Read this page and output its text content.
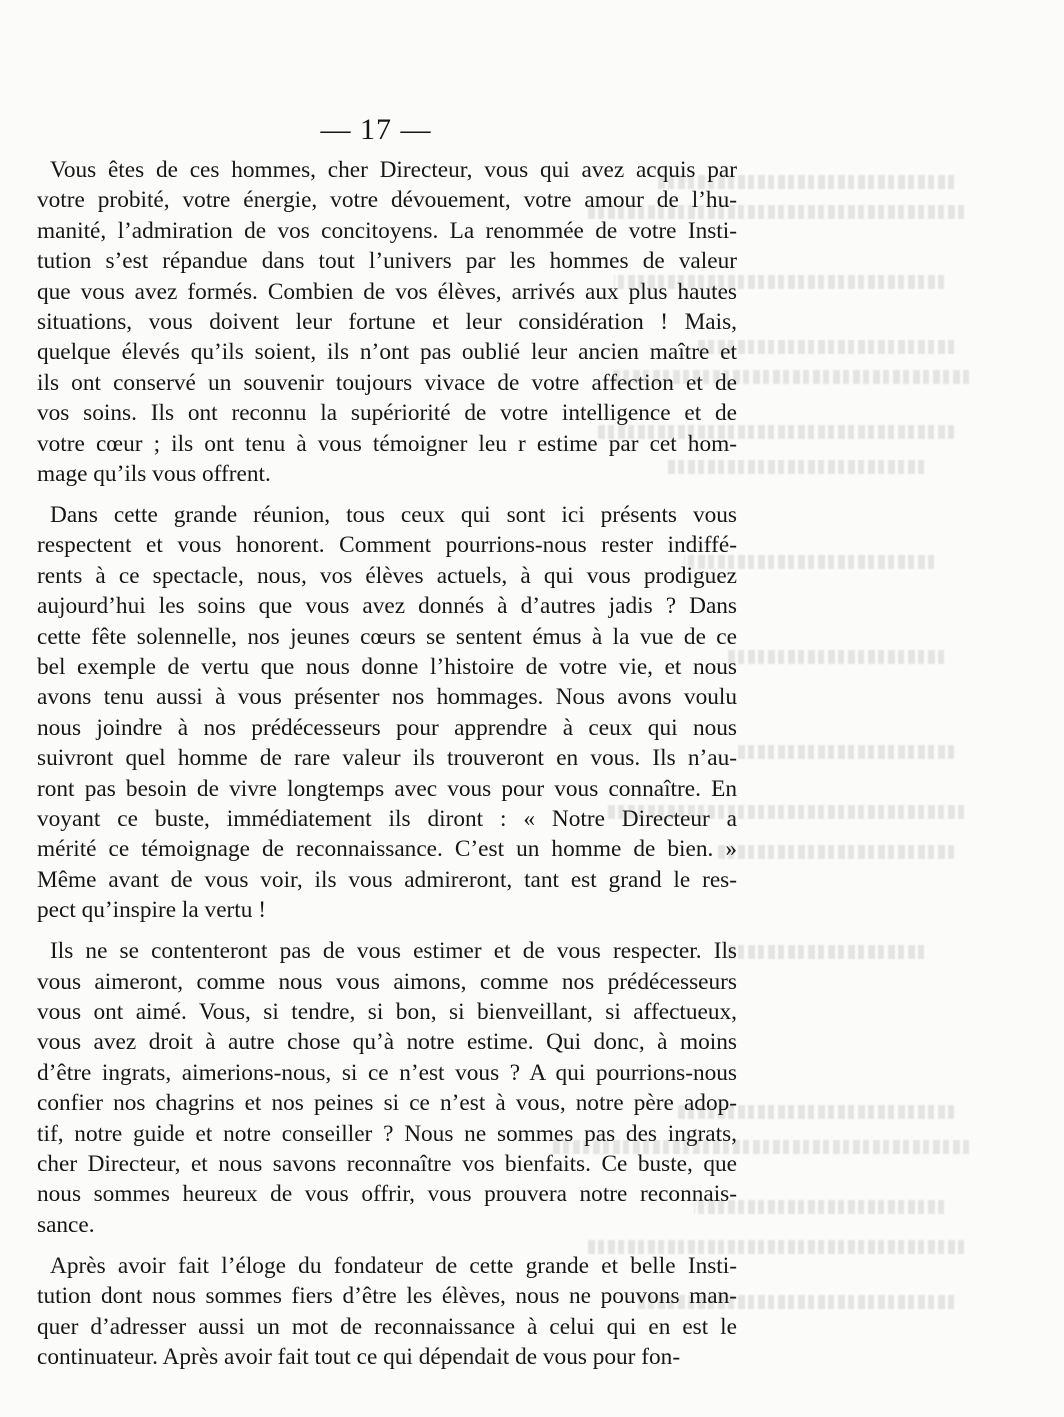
— 17 —
Vous êtes de ces hommes, cher Directeur, vous qui avez acquis par
votre probité, votre énergie, votre dévouement, votre amour de l’hu-
manité, l’admiration de vos concitoyens. La renommée de votre Insti-
tution s’est répandue dans tout l’univers par les hommes de valeur
que vous avez formés. Combien de vos élèves, arrivés aux plus hautes
situations, vous doivent leur fortune et leur considération ! Mais,
quelque élevés qu’ils soient, ils n’ont pas oublié leur ancien maître et
ils ont conservé un souvenir toujours vivace de votre affection et de
vos soins. Ils ont reconnu la supériorité de votre intelligence et de
votre cœur ; ils ont tenu à vous témoigner leu r estime par cet hom-
mage qu’ils vous offrent.
Dans cette grande réunion, tous ceux qui sont ici présents vous
respectent et vous honorent. Comment pourrions-nous rester indiffé-
rents à ce spectacle, nous, vos élèves actuels, à qui vous prodiguez
aujourd’hui les soins que vous avez donnés à d’autres jadis ? Dans
cette fête solennelle, nos jeunes cœurs se sentent émus à la vue de ce
bel exemple de vertu que nous donne l’histoire de votre vie, et nous
avons tenu aussi à vous présenter nos hommages. Nous avons voulu
nous joindre à nos prédécesseurs pour apprendre à ceux qui nous
suivront quel homme de rare valeur ils trouveront en vous. Ils n’au-
ront pas besoin de vivre longtemps avec vous pour vous connaître. En
voyant ce buste, immédiatement ils diront : « Notre Directeur a
mérité ce témoignage de reconnaissance. C’est un homme de bien. »
Même avant de vous voir, ils vous admireront, tant est grand le res-
pect qu’inspire la vertu !
Ils ne se contenteront pas de vous estimer et de vous respecter. Ils
vous aimeront, comme nous vous aimons, comme nos prédécesseurs
vous ont aimé. Vous, si tendre, si bon, si bienveillant, si affectueux,
vous avez droit à autre chose qu’à notre estime. Qui donc, à moins
d’être ingrats, aimerions-nous, si ce n’est vous ? A qui pourrions-nous
confier nos chagrins et nos peines si ce n’est à vous, notre père adop-
tif, notre guide et notre conseiller ? Nous ne sommes pas des ingrats,
cher Directeur, et nous savons reconnaître vos bienfaits. Ce buste, que
nous sommes heureux de vous offrir, vous prouvera notre reconnais-
sance.
Après avoir fait l’éloge du fondateur de cette grande et belle Insti-
tution dont nous sommes fiers d’être les élèves, nous ne pouvons man-
quer d’adresser aussi un mot de reconnaissance à celui qui en est le
continuateur. Après avoir fait tout ce qui dépendait de vous pour fon-
